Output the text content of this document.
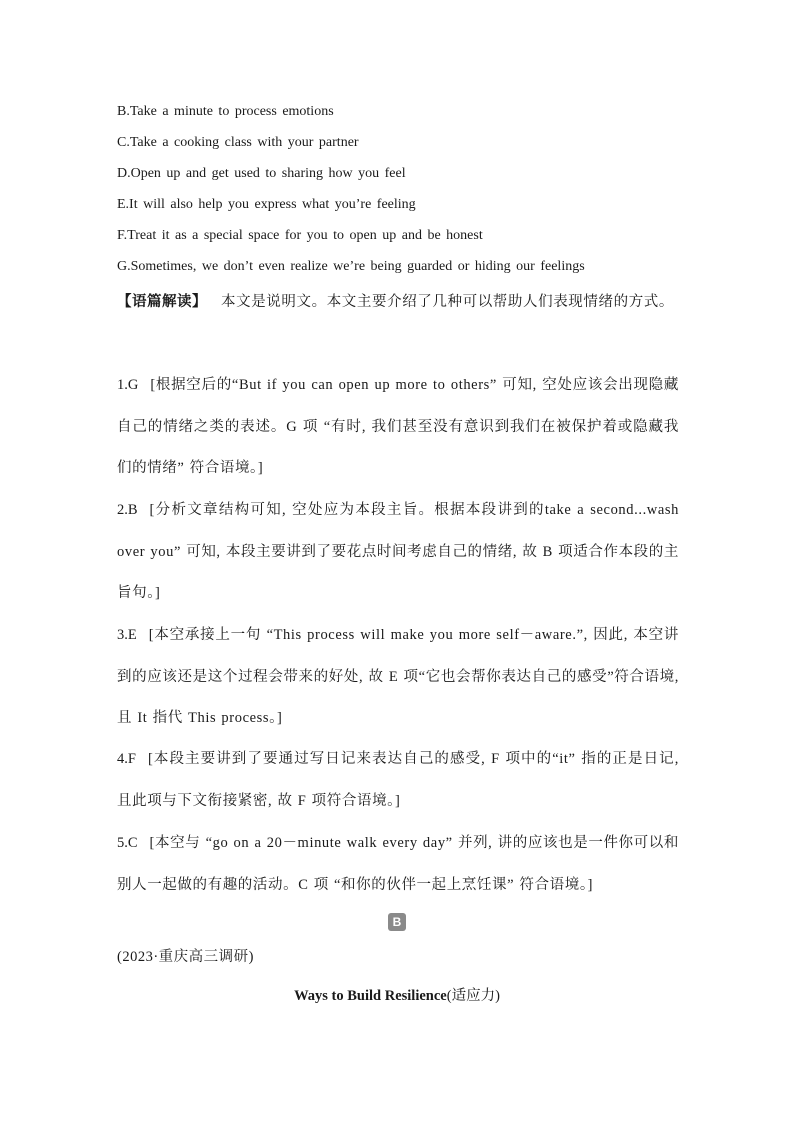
B.Take a minute to process emotions
C.Take a cooking class with your partner
D.Open up and get used to sharing how you feel
E.It will also help you express what you’re feeling
F.Treat it as a special space for you to open up and be honest
G.Sometimes, we don’t even realize we’re being guarded or hiding our feelings
【语篇解读】 本文是说明文。本文主要介绍了几种可以帮助人们表现情绪的方式。
1.G [根据空后的“But if you can open up more to others” 可知, 空处应该会出现隐藏自己的情绪之类的表述。G 项 “有时, 我们甚至没有意识到我们在被保护着或隐藏我们的情绪” 符合语境。]
2.B [分析文章结构可知, 空处应为本段主旨。根据本段讲到的take a second...wash over you” 可知, 本段主要讲到了要花点时间考虑自己的情绪, 故 B 项适合作本段的主旨句。]
3.E [本空承接上一句 “This process will make you more self－aware.”, 因此, 本空讲到的应该还是这个过程会带来的好处, 故 E 项“它也会帮你表达自己的感受”符合语境, 且 It 指代 This process。]
4.F [本段主要讲到了要通过写日记来表达自己的感受, F 项中的“it” 指的正是日记, 且此项与下文衔接紧密, 故 F 项符合语境。]
5.C [本空与 “go on a 20－minute walk every day” 并列, 讲的应该也是一件你可以和别人一起做的有趣的活动。C 项 “和你的伙伴一起上烹饪课” 符合语境。]
B
(2023·重庆高三调研)
Ways to Build Resilience(适应力)
